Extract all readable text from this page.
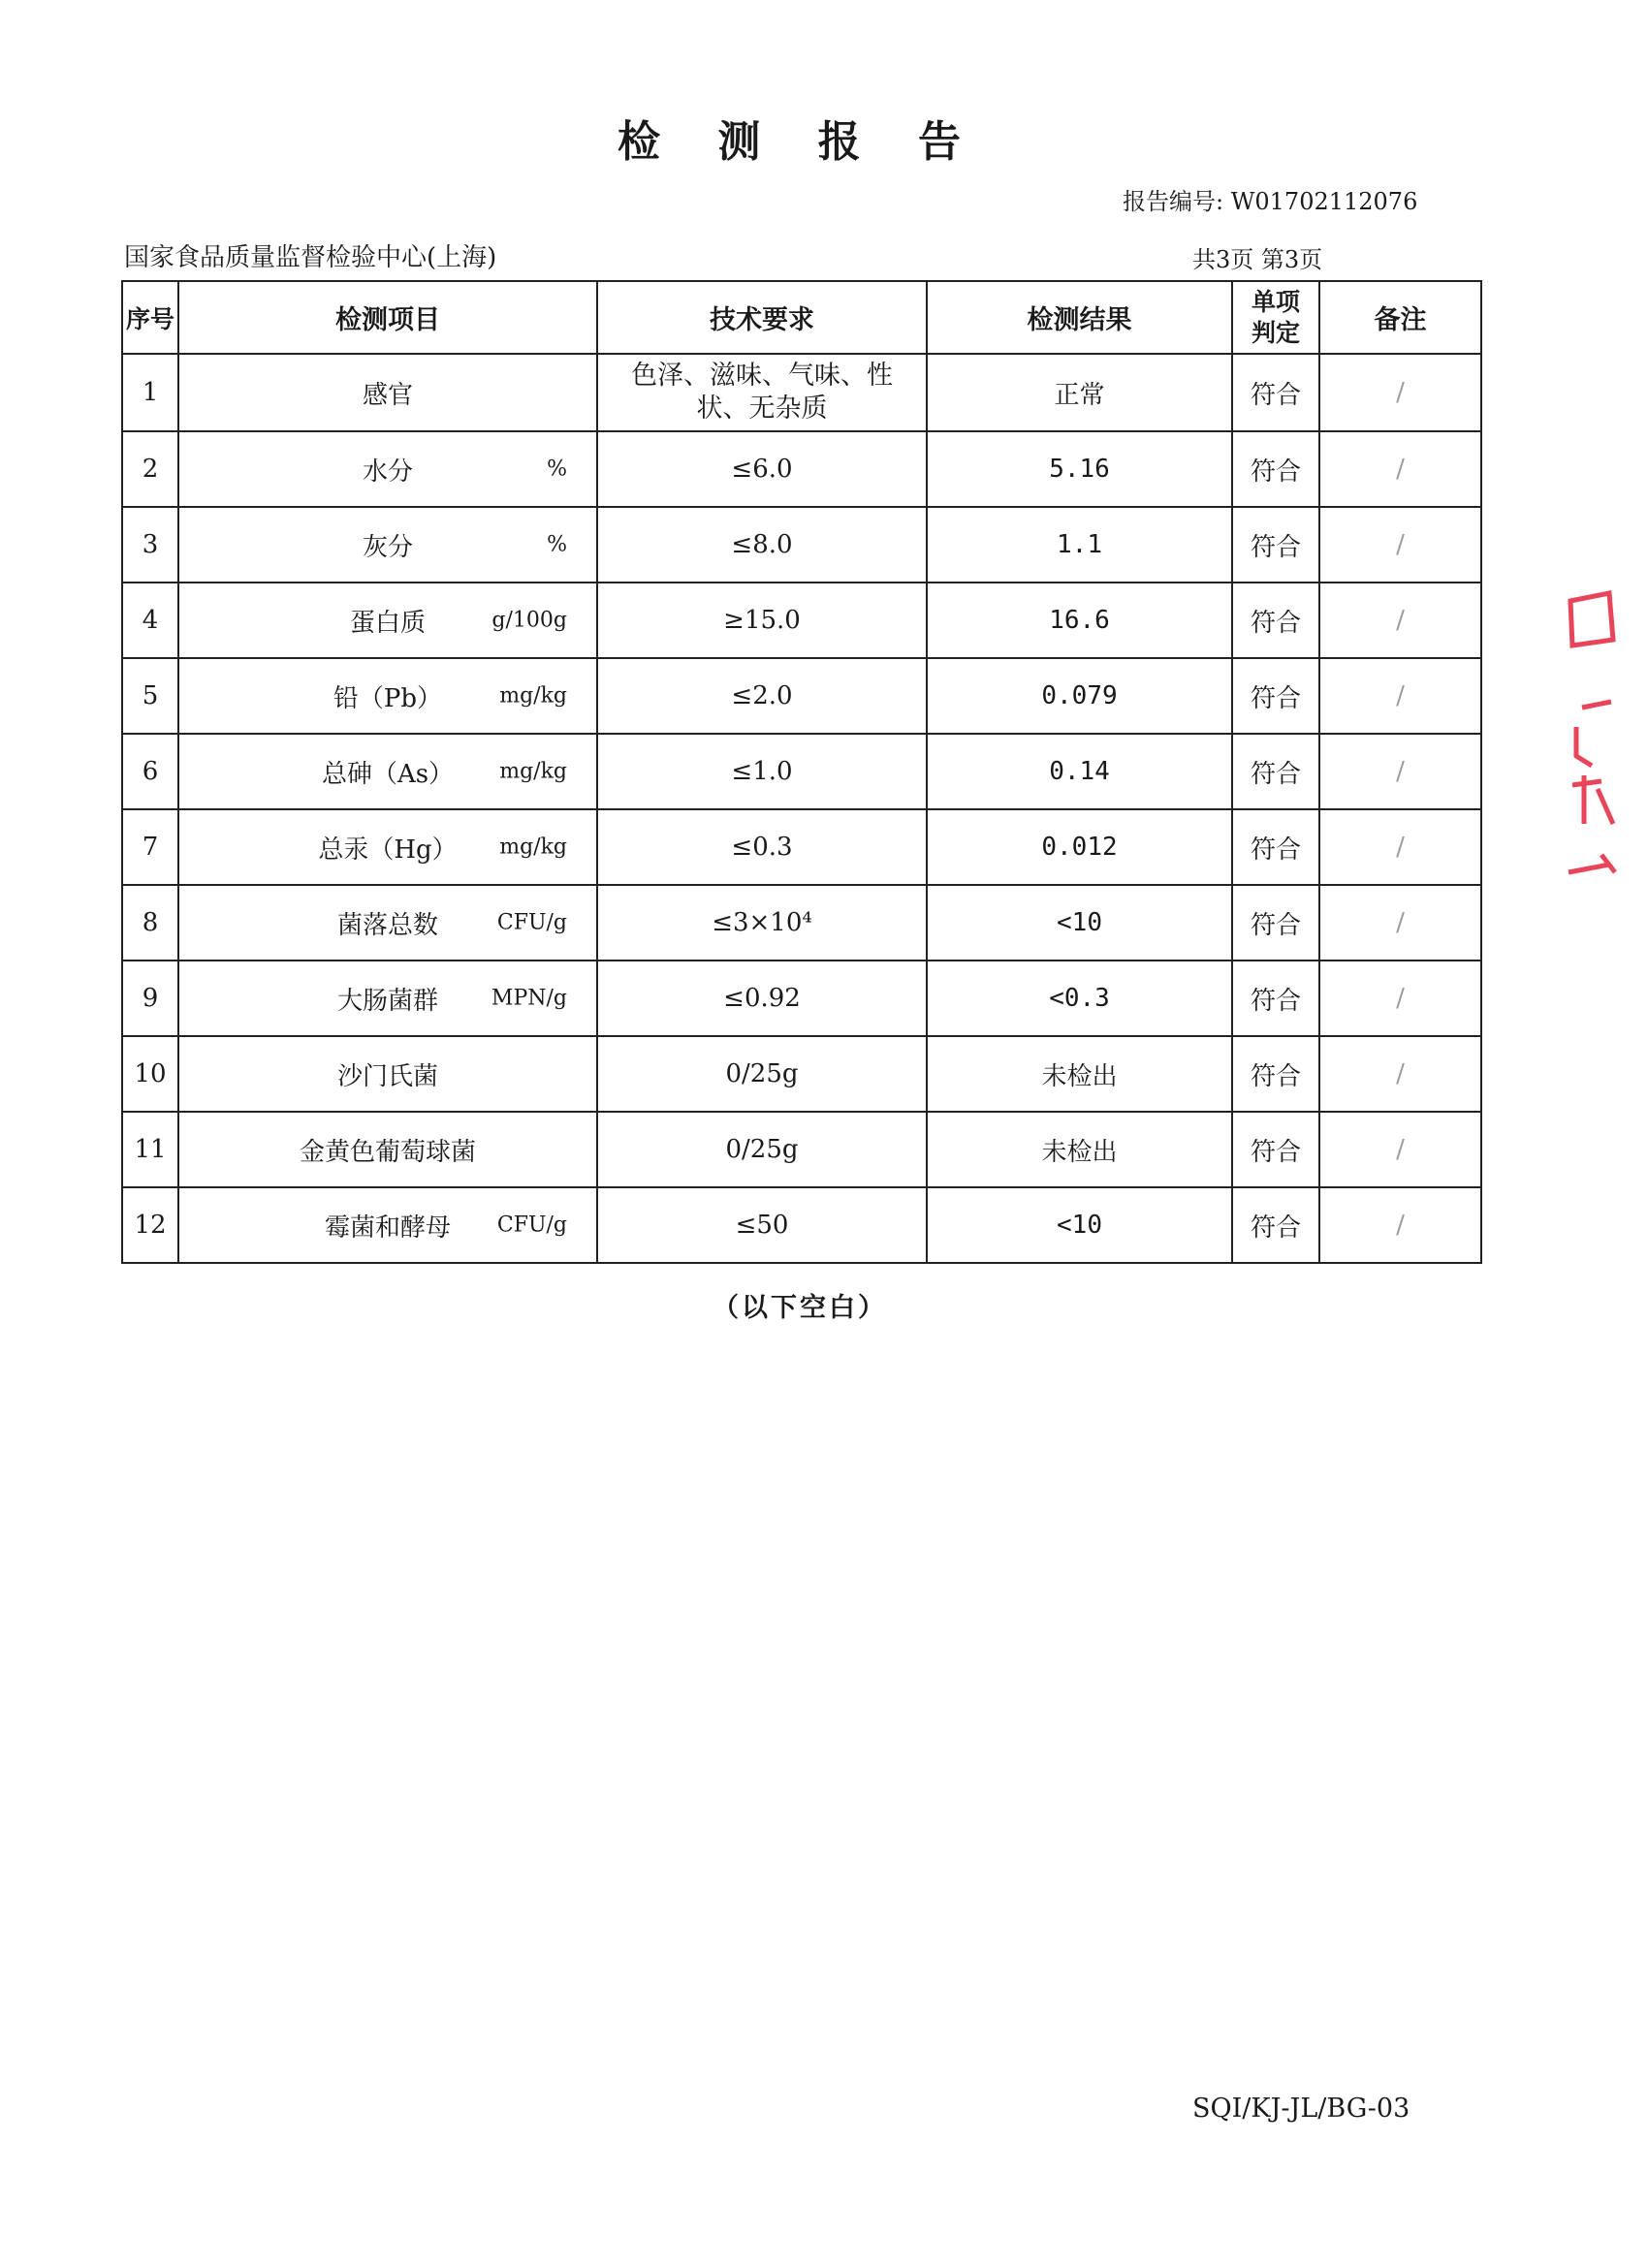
检 测 报 告
报告编号: W01702112076
国家食品质量监督检验中心(上海)	共3页 第3页
序号	检测项目	技术要求	检测结果	单项判定	备注
1	感官	色泽、滋味、气味、性状、无杂质	正常	符合	/
2	水分 %	≤6.0	5.16	符合	/
3	灰分 %	≤8.0	1.1	符合	/
4	蛋白质 g/100g	≥15.0	16.6	符合	/
5	铅（Pb） mg/kg	≤2.0	0.079	符合	/
6	总砷（As） mg/kg	≤1.0	0.14	符合	/
7	总汞（Hg） mg/kg	≤0.3	0.012	符合	/
8	菌落总数 CFU/g	≤3×10⁴	<10	符合	/
9	大肠菌群 MPN/g	≤0.92	<0.3	符合	/
10	沙门氏菌	0/25g	未检出	符合	/
11	金黄色葡萄球菌	0/25g	未检出	符合	/
12	霉菌和酵母 CFU/g	≤50	<10	符合	/
（以下空白）
SQI/KJ-JL/BG-03
